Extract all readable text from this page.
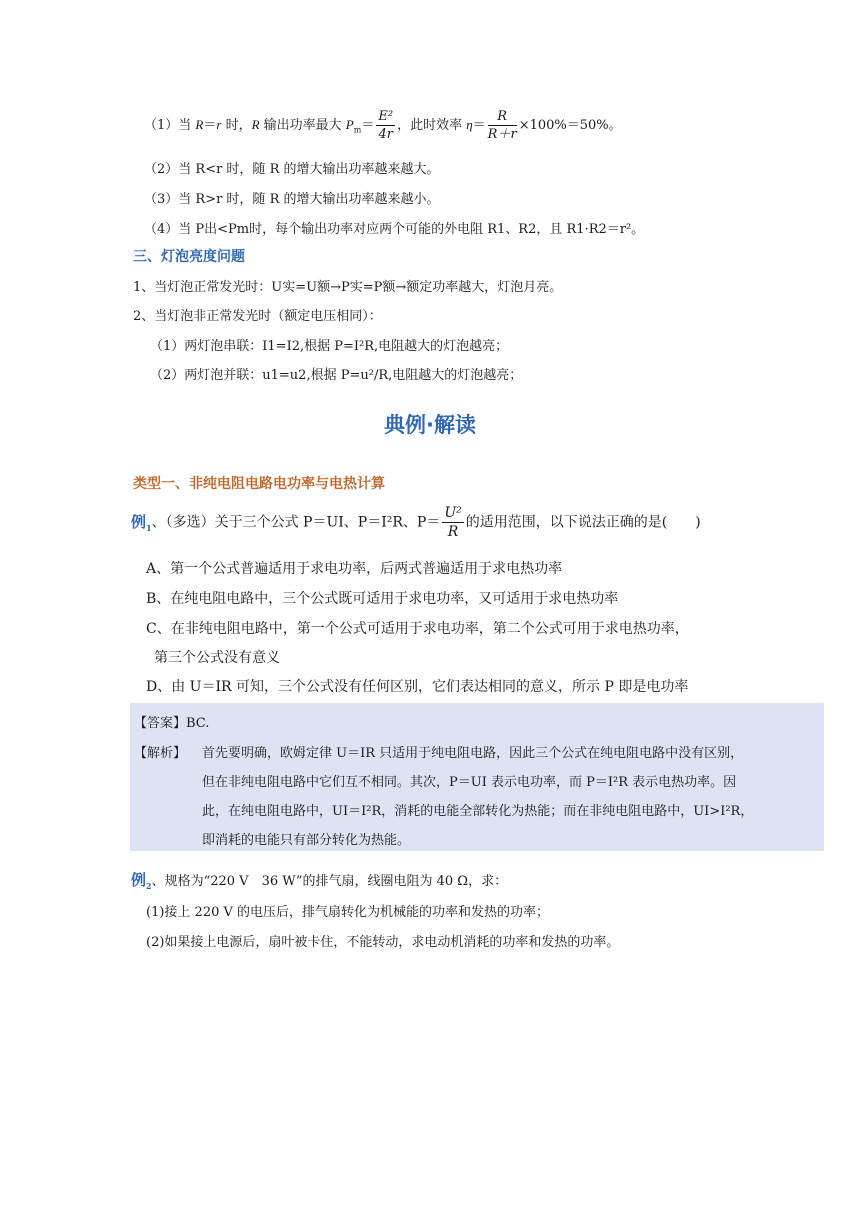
（1）当 R＝r 时，R 输出功率最大 $P_m= \frac{\text{E²}}{4r}$ ，此时效率 $\eta= \frac{R}{R+r} \times 100\%=50\%$。
（2）当 R<r 时，随 R 的增大输出功率越来越大。
（3）当 R>r 时，随 R 的增大输出功率越来越小。
（4）当 P出<Pm时，每个输出功率对应两个可能的外电阻 R1、R2，且 R1·R2＝r²。
三、灯泡亮度问题
1、当灯泡正常发光时：U实=U额→P实=P额→额定功率越大，灯泡月亮。
2、当灯泡非正常发光时（额定电压相同）：
（1）两灯泡串联：I1=I2,根据 P=I²R,电阻越大的灯泡越亮；
（2）两灯泡并联：u1=u2,根据 P=u²/R,电阻越大的灯泡越亮；
典例·解读
类型一、非纯电阻电路电功率与电热计算
例$_1$、（多选）关于三个公式 P＝UI、P＝I²R、$P= \frac{\text{U²}}{R}$ 的适用范围，以下说法正确的是(　　)
A、第一个公式普遍适用于求电功率，后两式普遍适用于求电热功率
B、在纯电阻电路中，三个公式既可适用于求电功率，又可适用于求电热功率
C、在非纯电阻电路中，第一个公式可适用于求电功率，第二个公式可用于求电热功率，
第三个公式没有意义
D、由 U＝IR 可知，三个公式没有任何区别，它们表达相同的意义，所示 P 即是电功率
【答案】BC.
【解析】 首先要明确，欧姆定律 U＝IR 只适用于纯电阻电路，因此三个公式在纯电阻电路中没有区别，
但在非纯电阻电路中它们互不相同。其次，P＝UI 表示电功率，而 P＝I²R 表示电热功率。因
此，在纯电阻电路中，UI＝I²R，消耗的电能全部转化为热能；而在非纯电阻电路中，UI>I²R，
即消耗的电能只有部分转化为热能。
例$_2$、规格为“220 V　36 W”的排气扇，线圈电阻为 40 Ω，求：
(1)接上 220 V 的电压后，排气扇转化为机械能的功率和发热的功率；
(2)如果接上电源后，扇叶被卡住，不能转动，求电动机消耗的功率和发热的功率。
